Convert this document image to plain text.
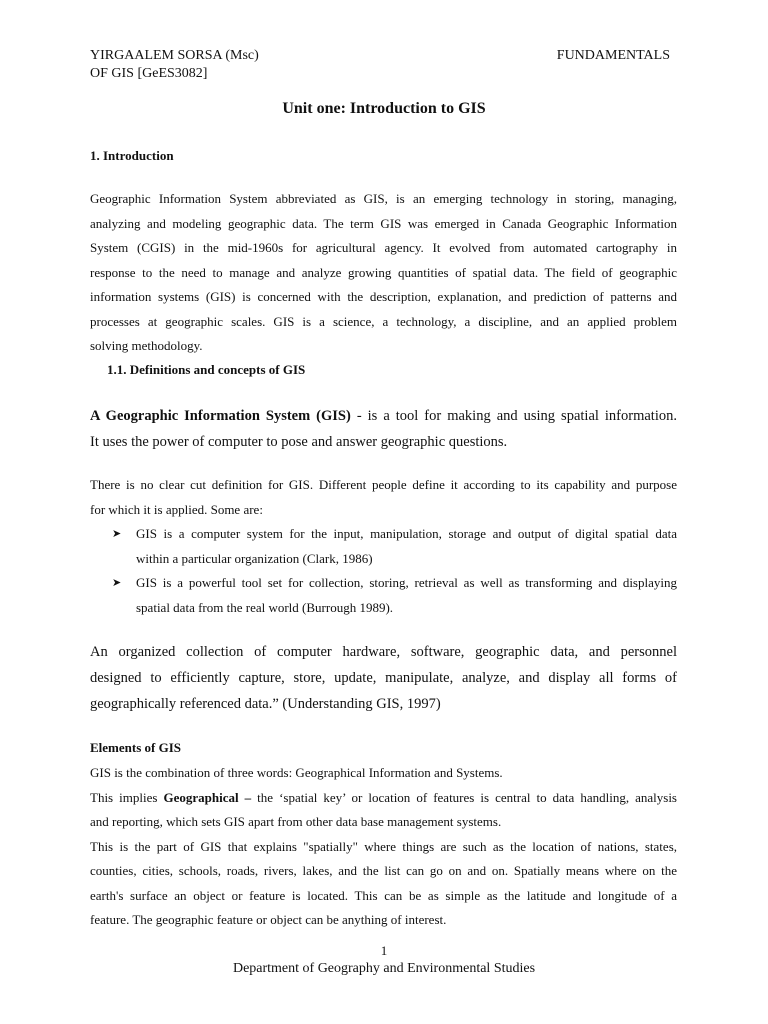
YIRGAALEM SORSA (Msc)	FUNDAMENTALS
OF GIS [GeES3082]
Unit one: Introduction to GIS
1. Introduction
Geographic Information System abbreviated as GIS, is an emerging technology in storing, managing,
analyzing and modeling geographic data. The term GIS was emerged in Canada Geographic Information
System (CGIS) in the mid-1960s for agricultural agency. It evolved from automated cartography in
response to the need to manage and analyze growing quantities of spatial data. The field of geographic
information systems (GIS) is concerned with the description, explanation, and prediction of patterns and
processes at geographic scales. GIS is a science, a technology, a discipline, and an applied problem
solving methodology.
1.1. Definitions and concepts of GIS
A Geographic Information System (GIS) - is a tool for making and using spatial information.
It uses the power of computer to pose and answer geographic questions.
There is no clear cut definition for GIS. Different people define it according to its capability and purpose
for which it is applied. Some are:
➤ GIS is a computer system for the input, manipulation, storage and output of digital spatial data
within a particular organization (Clark, 1986)
➤ GIS is a powerful tool set for collection, storing, retrieval as well as transforming and displaying
spatial data from the real world (Burrough 1989).
An organized collection of computer hardware, software, geographic data, and personnel
designed to efficiently capture, store, update, manipulate, analyze, and display all forms of
geographically referenced data.” (Understanding GIS, 1997)
Elements of GIS
GIS is the combination of three words: Geographical Information and Systems.
This implies Geographical – the ‘spatial key’ or location of features is central to data handling, analysis
and reporting, which sets GIS apart from other data base management systems.
This is the part of GIS that explains "spatially" where things are such as the location of nations, states,
counties, cities, schools, roads, rivers, lakes, and the list can go on and on. Spatially means where on the
earth's surface an object or feature is located. This can be as simple as the latitude and longitude of a
feature. The geographic feature or object can be anything of interest.
1
Department of Geography and Environmental Studies
